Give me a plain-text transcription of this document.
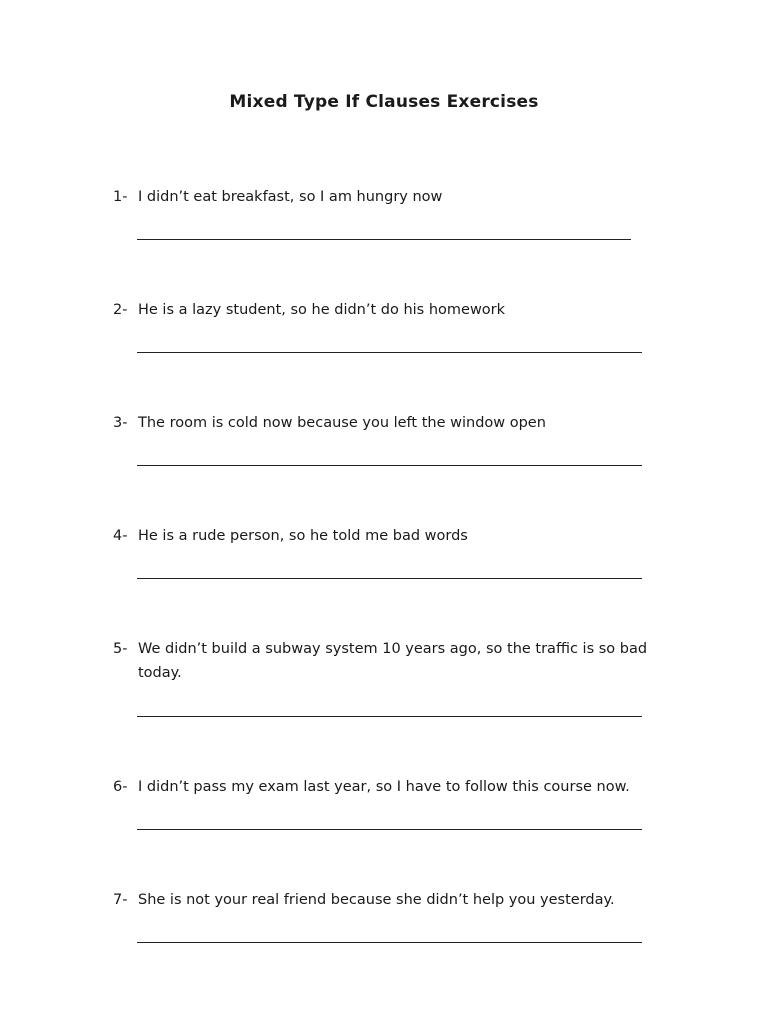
Mixed Type If Clauses Exercises
1- I didn’t eat breakfast, so I am hungry now
2- He is a lazy student, so he didn’t do his homework
3- The room is cold now because you left the window open
4- He is a rude person, so he told me bad words
5- We didn’t build a subway system 10 years ago, so the traffic is so bad today.
6- I didn’t pass my exam last year, so I have to follow this course now.
7- She is not your real friend because she didn’t help you yesterday.
